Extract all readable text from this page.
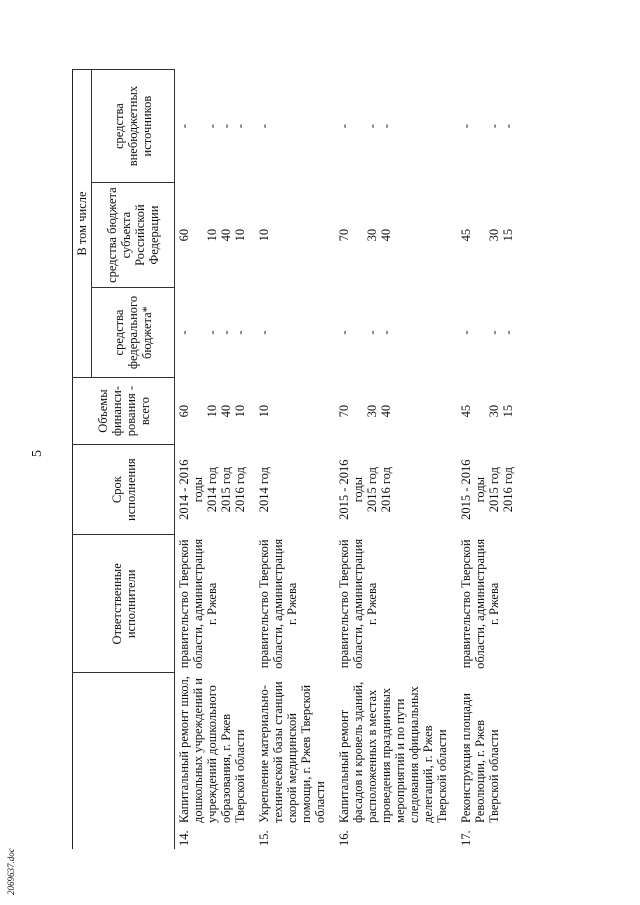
5
2069637.doc
		Ответственные исполнители	Срок исполнения	Объемы финанси-рования - всего	В том числе		
					средства федерального бюджета*	средства бюджета субъекта Российской Федерации	средства внебюджетных источников
14.	Капитальный ремонт школ, дошкольных учреждений и учреждений дошкольного образования, г. Ржев Тверской области	правительство Тверской области, администрация г. Ржева	2014 - 2016 годы 2014 год 2015 год 2016 год	60 10 40 10	- - - -	60 10 40 10	- - - -

15.	Укрепление материально-технической базы станции скорой медицинской помощи, г. Ржев Тверской области	правительство Тверской области, администрация г. Ржева	2014 год	10	-	10	-

16.	Капитальный ремонт фасадов и кровель зданий, расположенных в местах проведения праздничных мероприятий и по пути следования официальных делегаций, г. Ржев Тверской области	правительство Тверской области, администрация г. Ржева	2015 - 2016 годы 2015 год 2016 год	70 30 40	- - -	70 30 40	- - -

17.	Реконструкция площади Революции, г. Ржев Тверской области	правительство Тверской области, администрация г. Ржева	2015 - 2016 годы 2015 год 2016 год	45 30 15	- - -	45 30 15	- - -
